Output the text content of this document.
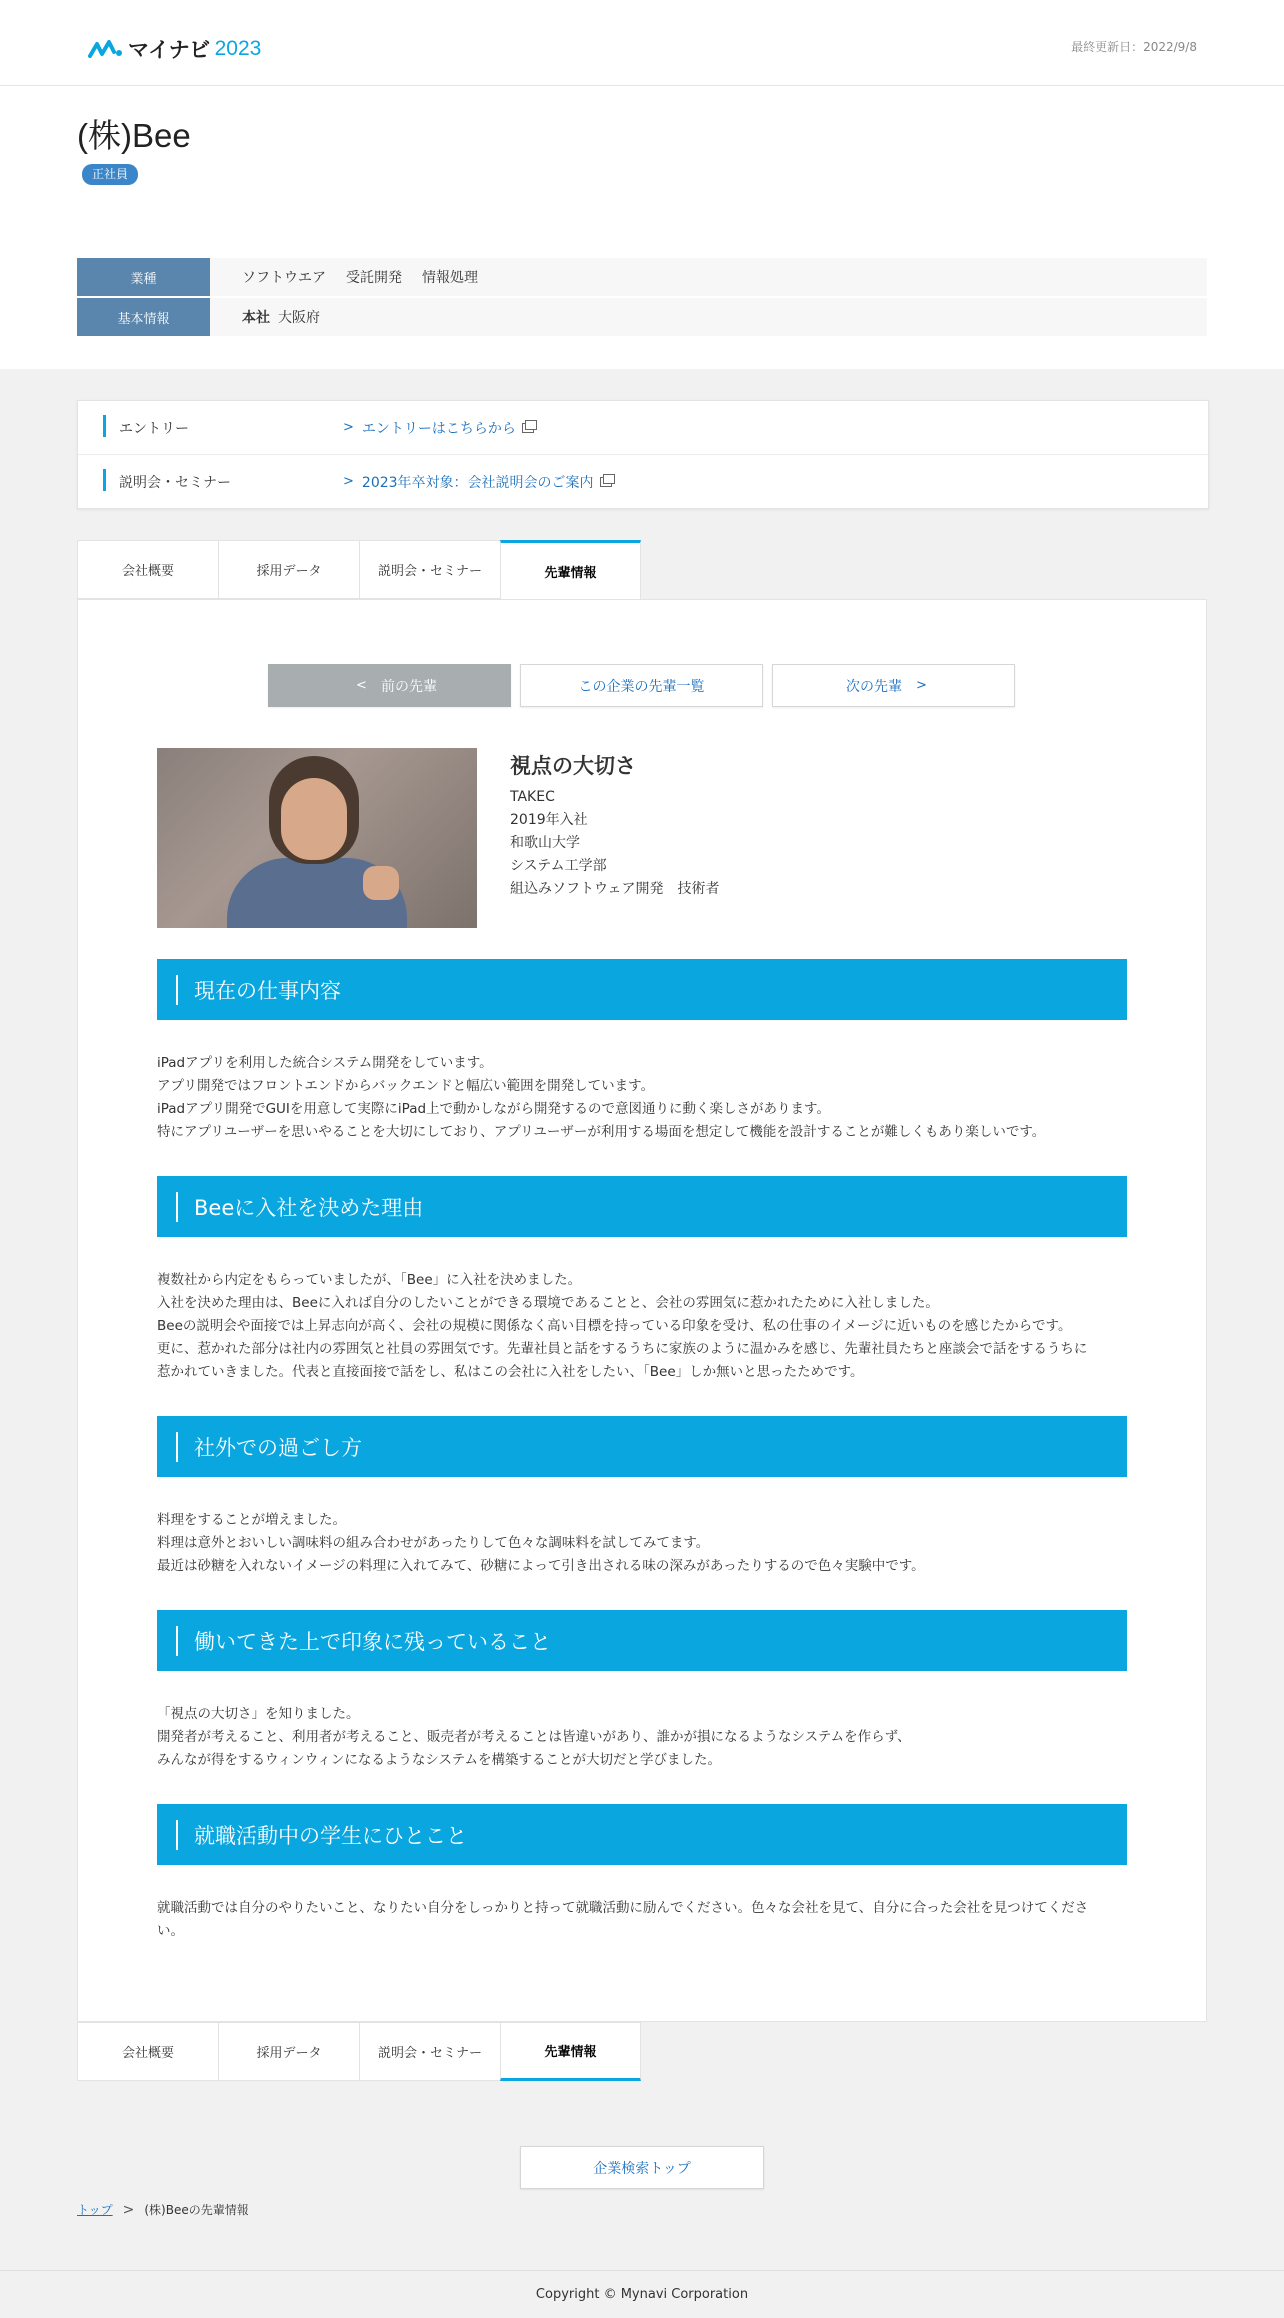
マイナビ 2023	最終更新日：2022/9/8
(株)Bee
正社員
業種	ソフトウエア 受託開発 情報処理
基本情報	本社 大阪府
エントリー	> エントリーはこちらから
説明会・セミナー	> 2023年卒対象：会社説明会のご案内
会社概要	採用データ	説明会・セミナー	先輩情報
< 前の先輩	この企業の先輩一覧	次の先輩 >
視点の大切さ
TAKEC
2019年入社
和歌山大学
システム工学部
組込みソフトウェア開発　技術者
現在の仕事内容
iPadアプリを利用した統合システム開発をしています。
アプリ開発ではフロントエンドからバックエンドと幅広い範囲を開発しています。
iPadアプリ開発でGUIを用意して実際にiPad上で動かしながら開発するので意図通りに動く楽しさがあります。
特にアプリユーザーを思いやることを大切にしており、アプリユーザーが利用する場面を想定して機能を設計することが難しくもあり楽しいです。
Beeに入社を決めた理由
複数社から内定をもらっていましたが、「Bee」に入社を決めました。
入社を決めた理由は、Beeに入れば自分のしたいことができる環境であることと、会社の雰囲気に惹かれたために入社しました。
Beeの説明会や面接では上昇志向が高く、会社の規模に関係なく高い目標を持っている印象を受け、私の仕事のイメージに近いものを感じたからです。
更に、惹かれた部分は社内の雰囲気と社員の雰囲気です。先輩社員と話をするうちに家族のように温かみを感じ、先輩社員たちと座談会で話をするうちに
惹かれていきました。代表と直接面接で話をし、私はこの会社に入社をしたい、「Bee」しか無いと思ったためです。
社外での過ごし方
料理をすることが増えました。
料理は意外とおいしい調味料の組み合わせがあったりして色々な調味料を試してみてます。
最近は砂糖を入れないイメージの料理に入れてみて、砂糖によって引き出される味の深みがあったりするので色々実験中です。
働いてきた上で印象に残っていること
「視点の大切さ」を知りました。
開発者が考えること、利用者が考えること、販売者が考えることは皆違いがあり、誰かが損になるようなシステムを作らず、
みんなが得をするウィンウィンになるようなシステムを構築することが大切だと学びました。
就職活動中の学生にひとこと
就職活動では自分のやりたいこと、なりたい自分をしっかりと持って就職活動に励んでください。色々な会社を見て、自分に合った会社を見つけてくださ
い。
会社概要	採用データ	説明会・セミナー	先輩情報
企業検索トップ
トップ > (株)Beeの先輩情報
Copyright © Mynavi Corporation
